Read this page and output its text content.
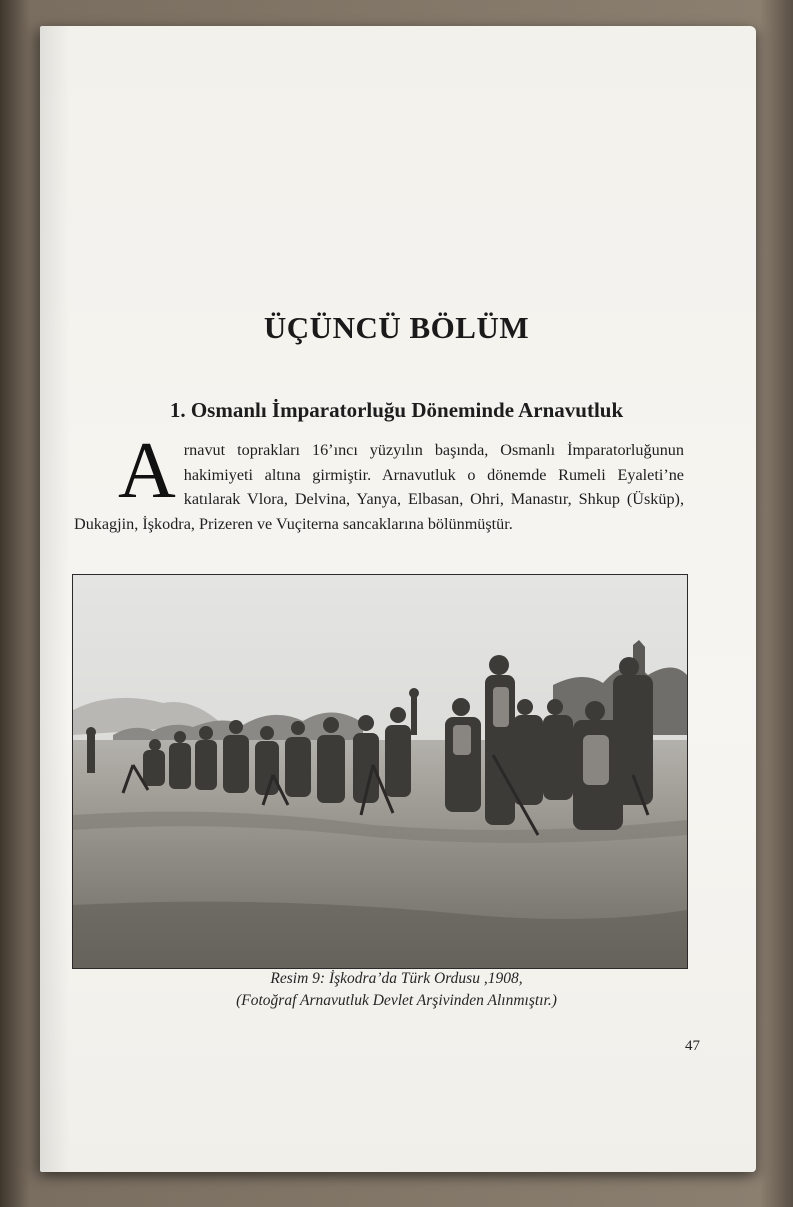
ÜÇÜNCÜ BÖLÜM
1. Osmanlı İmparatorluğu Döneminde Arnavutluk
Arnavut toprakları 16’ıncı yüzyılın başında, Osmanlı İmparatorluğunun hakimiyeti altına girmiştir. Arnavutluk o dönemde Rumeli Eyaleti’ne katılarak Vlora, Delvina, Yanya, Elbasan, Ohri, Manastır, Shkup (Üsküp), Dukagjin, İşkodra, Prizeren ve Vuçiterna sancaklarına bölünmüştür.
Resim 9: İşkodra’da Türk Ordusu ,1908,
(Fotoğraf Arnavutluk Devlet Arşivinden Alınmıştır.)
47
